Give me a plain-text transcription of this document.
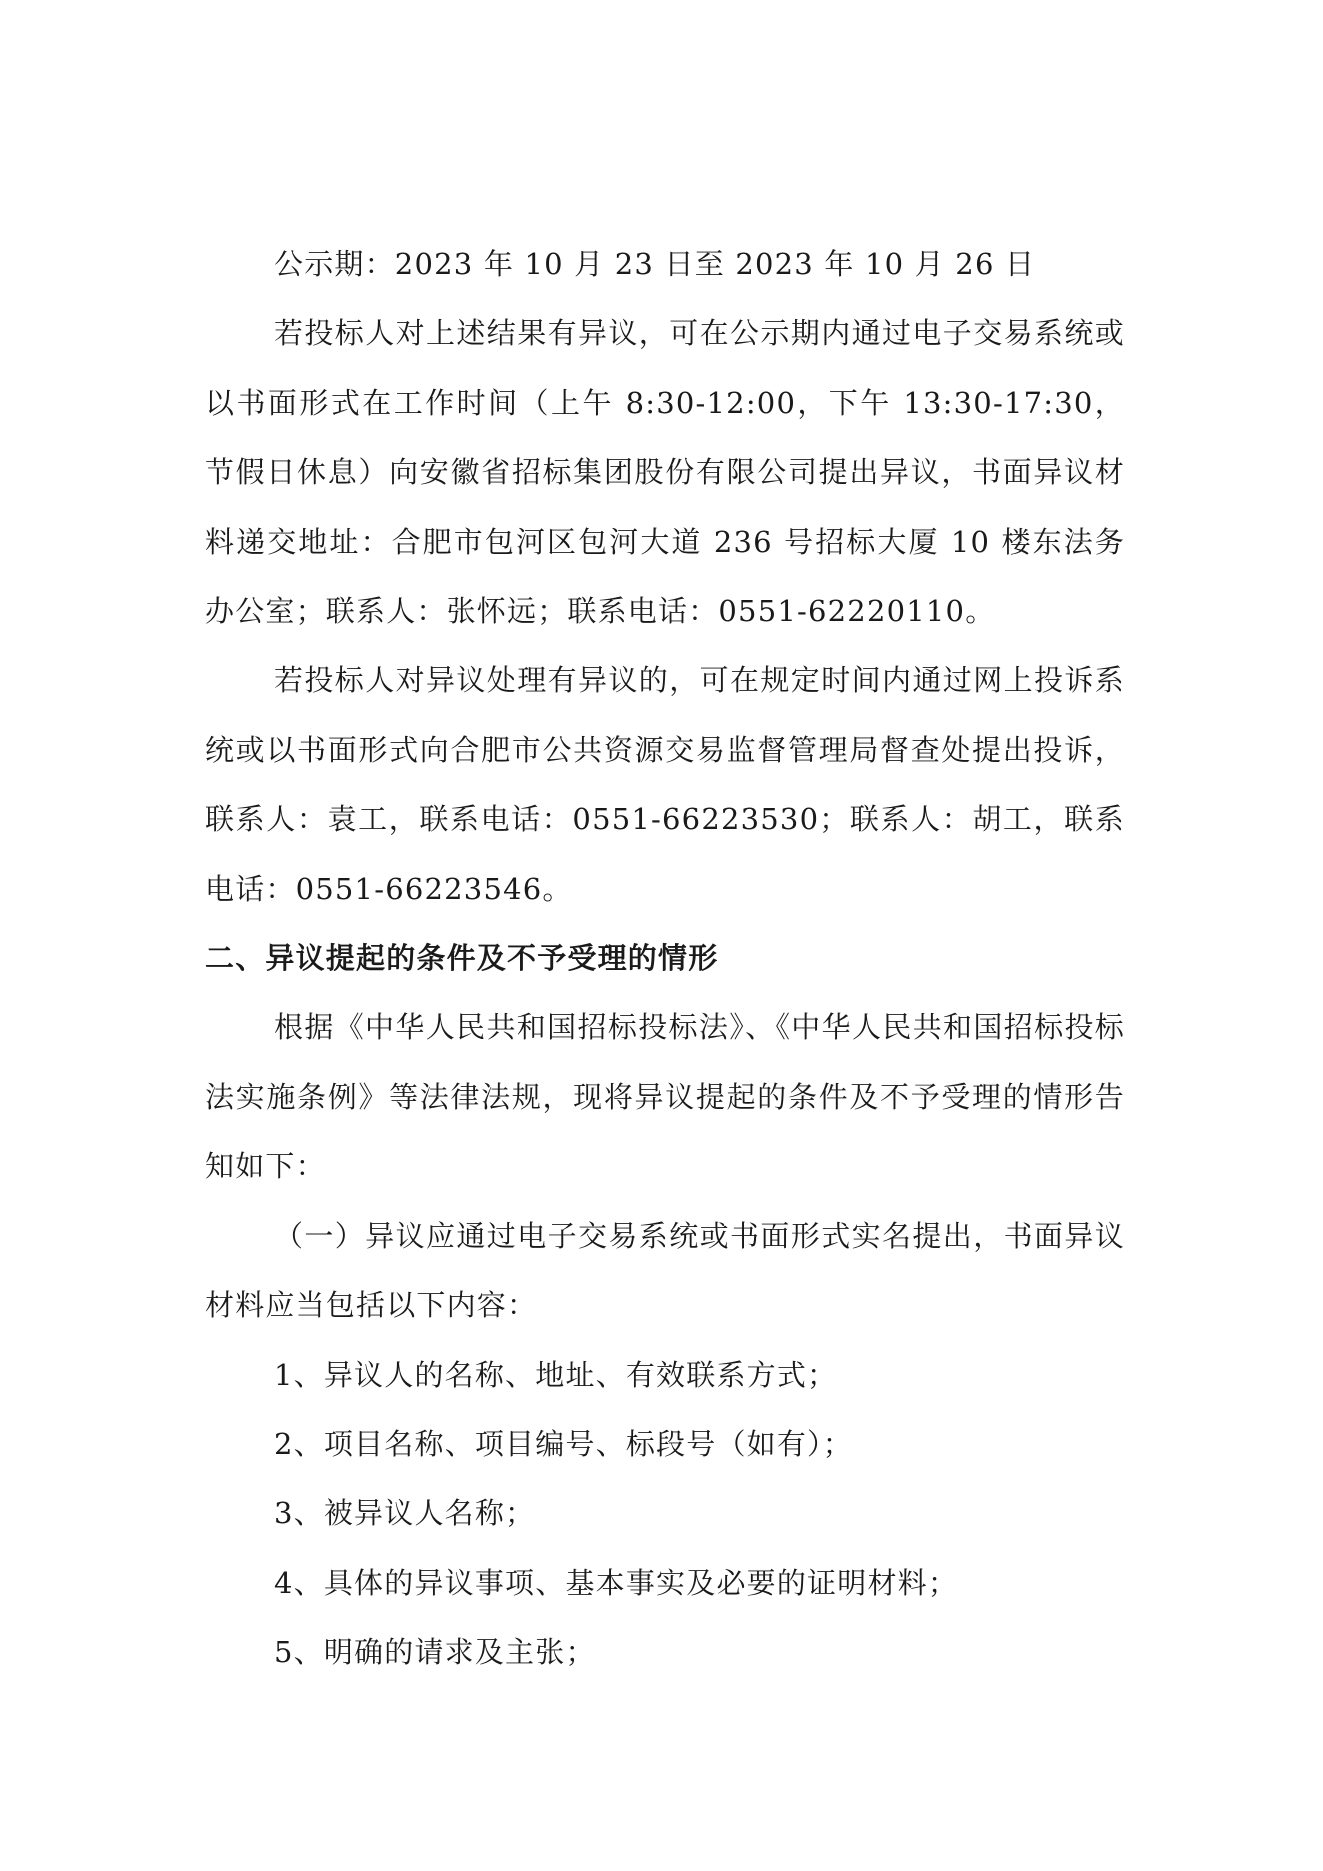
公示期：2023 年 10 月 23 日至 2023 年 10 月 26 日

若投标人对上述结果有异议，可在公示期内通过电子交易系统或以书面形式在工作时间（上午 8:30-12:00，下午 13:30-17:30，节假日休息）向安徽省招标集团股份有限公司提出异议，书面异议材料递交地址：合肥市包河区包河大道 236 号招标大厦 10 楼东法务办公室；联系人：张怀远；联系电话：0551-62220110。

若投标人对异议处理有异议的，可在规定时间内通过网上投诉系统或以书面形式向合肥市公共资源交易监督管理局督查处提出投诉，联系人：袁工，联系电话：0551-66223530；联系人：胡工，联系电话：0551-66223546。

二、异议提起的条件及不予受理的情形

根据《中华人民共和国招标投标法》、《中华人民共和国招标投标法实施条例》等法律法规，现将异议提起的条件及不予受理的情形告知如下：

（一）异议应通过电子交易系统或书面形式实名提出，书面异议材料应当包括以下内容：

1、异议人的名称、地址、有效联系方式；

2、项目名称、项目编号、标段号（如有）；

3、被异议人名称；

4、具体的异议事项、基本事实及必要的证明材料；

5、明确的请求及主张；
